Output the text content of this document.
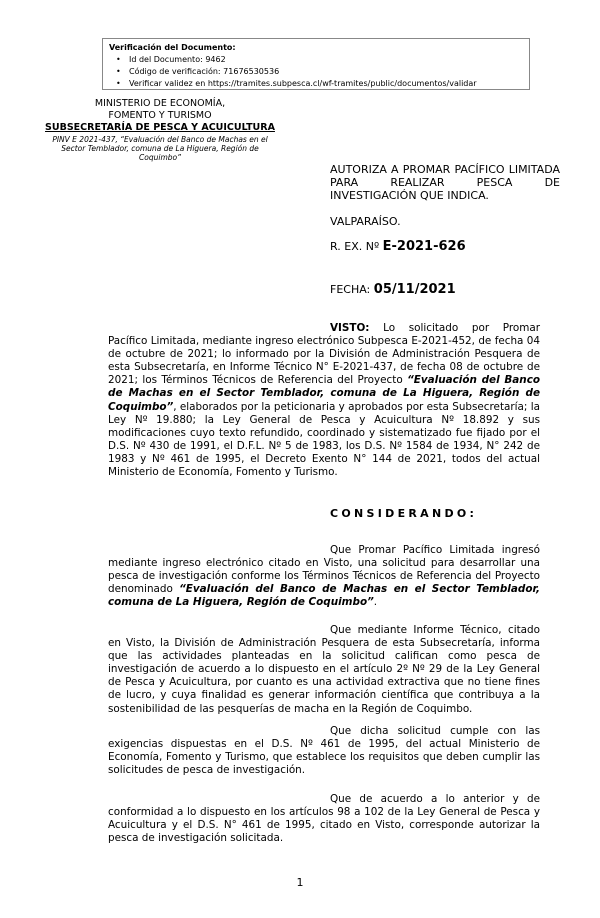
Verificación del Documento:
• Id del Documento: 9462
• Código de verificación: 71676530536
• Verificar validez en https://tramites.subpesca.cl/wf-tramites/public/documentos/validar
MINISTERIO DE ECONOMÍA,
FOMENTO Y TURISMO
SUBSECRETARÍA DE PESCA Y ACUICULTURA
PINV E 2021-437, “Evaluación del Banco de Machas en el Sector Temblador, comuna de La Higuera, Región de Coquimbo”
AUTORIZA A PROMAR PACÍFICO LIMITADA PARA REALIZAR PESCA DE INVESTIGACIÓN QUE INDICA.
VALPARAÍSO.
R. EX. Nº E-2021-626
FECHA: 05/11/2021
VISTO: Lo solicitado por Promar Pacífico Limitada, mediante ingreso electrónico Subpesca E-2021-452, de fecha 04 de octubre de 2021; lo informado por la División de Administración Pesquera de esta Subsecretaría, en Informe Técnico N° E-2021-437, de fecha 08 de octubre de 2021; los Términos Técnicos de Referencia del Proyecto “Evaluación del Banco de Machas en el Sector Temblador, comuna de La Higuera, Región de Coquimbo”, elaborados por la peticionaria y aprobados por esta Subsecretaría; la Ley Nº 19.880; la Ley General de Pesca y Acuicultura Nº 18.892 y sus modificaciones cuyo texto refundido, coordinado y sistematizado fue fijado por el D.S. Nº 430 de 1991, el D.F.L. Nº 5 de 1983, los D.S. Nº 1584 de 1934, N° 242 de 1983 y Nº 461 de 1995, el Decreto Exento N° 144 de 2021, todos del actual Ministerio de Economía, Fomento y Turismo.
CONSIDERANDO:
Que Promar Pacífico Limitada ingresó mediante ingreso electrónico citado en Visto, una solicitud para desarrollar una pesca de investigación conforme los Términos Técnicos de Referencia del Proyecto denominado “Evaluación del Banco de Machas en el Sector Temblador, comuna de La Higuera, Región de Coquimbo”.
Que mediante Informe Técnico, citado en Visto, la División de Administración Pesquera de esta Subsecretaría, informa que las actividades planteadas en la solicitud califican como pesca de investigación de acuerdo a lo dispuesto en el artículo 2º Nº 29 de la Ley General de Pesca y Acuicultura, por cuanto es una actividad extractiva que no tiene fines de lucro, y cuya finalidad es generar información científica que contribuya a la sostenibilidad de las pesquerías de macha en la Región de Coquimbo.
Que dicha solicitud cumple con las exigencias dispuestas en el D.S. Nº 461 de 1995, del actual Ministerio de Economía, Fomento y Turismo, que establece los requisitos que deben cumplir las solicitudes de pesca de investigación.
Que de acuerdo a lo anterior y de conformidad a lo dispuesto en los artículos 98 a 102 de la Ley General de Pesca y Acuicultura y el D.S. N° 461 de 1995, citado en Visto, corresponde autorizar la pesca de investigación solicitada.
1
